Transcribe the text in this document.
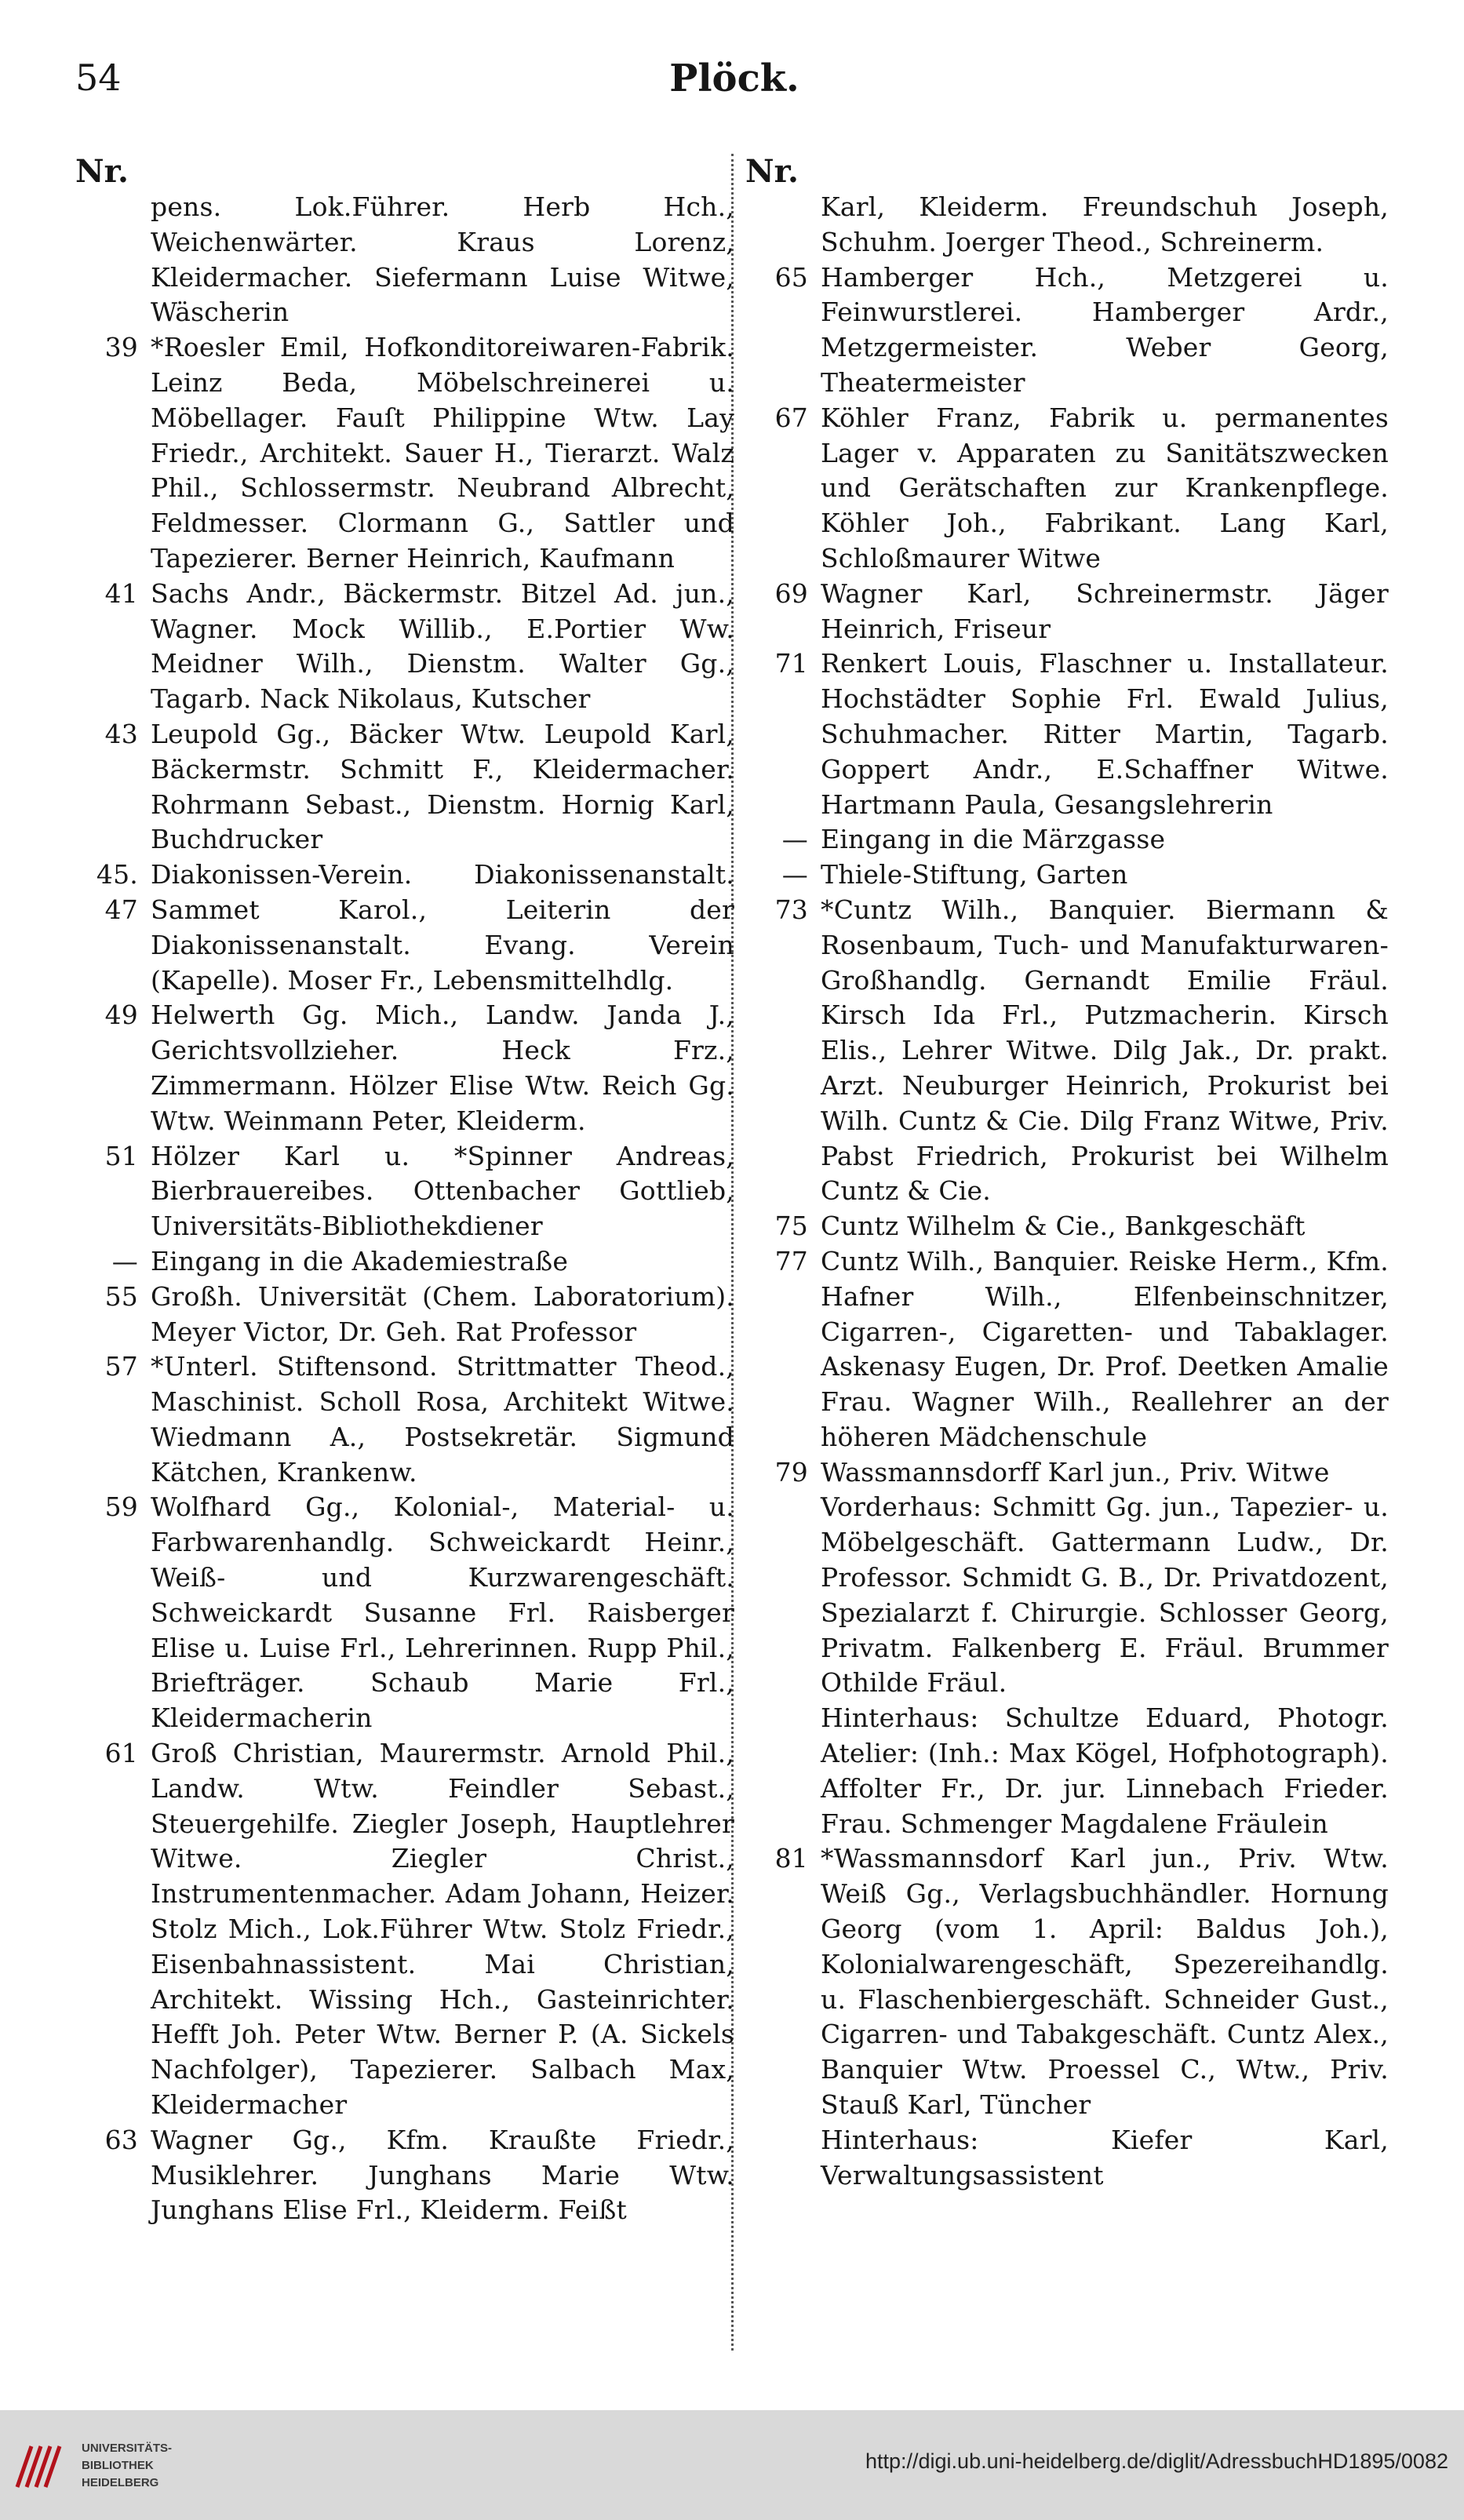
54	Plöck.
Nr.
pens. Lok.Führer. Herb Hch., Weichenwärter. Kraus Lorenz, Kleidermacher. Siefermann Luise Witwe, Wäscherin
39 *Roesler Emil, Hofkonditoreiwaren-Fabrik. Leinz Beda, Möbelschreinerei u. Möbellager. Fauſt Philippine Wtw. Lay Friedr., Architekt. Sauer H., Tierarzt. Walz Phil., Schlossermstr. Neubrand Albrecht, Feldmesser. Clormann G., Sattler und Tapezierer. Berner Heinrich, Kaufmann
41 Sachs Andr., Bäckermstr. Bitzel Ad. jun., Wagner. Mock Willib., E.Portier Ww. Meidner Wilh., Dienstm. Walter Gg., Tagarb. Nack Nikolaus, Kutscher
43 Leupold Gg., Bäcker Wtw. Leupold Karl, Bäckermstr. Schmitt F., Kleidermacher. Rohrmann Sebast., Dienstm. Hornig Karl, Buchdrucker
45. 47
Diakonissen-Verein. Diakonissenanstalt. Sammet Karol., Leiterin der Diakonissenanstalt. Evang. Verein (Kapelle). Moser Fr., Lebensmittelhdlg.
49 Helwerth Gg. Mich., Landw. Janda J., Gerichtsvollzieher. Heck Frz., Zimmermann. Hölzer Elise Wtw. Reich Gg. Wtw. Weinmann Peter, Kleiderm.
51 Hölzer Karl u. *Spinner Andreas, Bierbrauereibes. Ottenbacher Gottlieb, Universitäts-Bibliothekdiener
— Eingang in die Akademiestraße
55 Großh. Universität (Chem. Laboratorium). Meyer Victor, Dr. Geh. Rat Professor
57 *Unterl. Stiftensond. Strittmatter Theod., Maschinist. Scholl Rosa, Architekt Witwe. Wiedmann A., Postsekretär. Sigmund Kätchen, Krankenw.
59 Wolfhard Gg., Kolonial-, Material- u. Farbwarenhandlg. Schweickardt Heinr., Weiß- und Kurzwarengeschäft. Schweickardt Susanne Frl. Raisberger Elise u. Luise Frl., Lehrerinnen. Rupp Phil., Briefträger. Schaub Marie Frl., Kleidermacherin
61 Groß Christian, Maurermstr. Arnold Phil., Landw. Wtw. Feindler Sebast., Steuergehilfe. Ziegler Joseph, Hauptlehrer Witwe. Ziegler Christ., Instrumentenmacher. Adam Johann, Heizer. Stolz Mich., Lok.Führer Wtw. Stolz Friedr., Eisenbahnassistent. Mai Christian, Architekt. Wissing Hch., Gasteinrichter. Hefft Joh. Peter Wtw. Berner P. (A. Sickels Nachfolger), Tapezierer. Salbach Max, Kleidermacher
63 Wagner Gg., Kfm. Kraußte Friedr., Musiklehrer. Junghans Marie Wtw. Junghans Elise Frl., Kleiderm. Feißt
Nr.
Karl, Kleiderm. Freundschuh Joseph, Schuhm. Joerger Theod., Schreinerm.
65 Hamberger Hch., Metzgerei u. Feinwurstlerei. Hamberger Ardr., Metzgermeister. Weber Georg, Theatermeister
67 Köhler Franz, Fabrik u. permanentes Lager v. Apparaten zu Sanitätszwecken und Gerätschaften zur Krankenpflege. Köhler Joh., Fabrikant. Lang Karl, Schloßmaurer Witwe
69 Wagner Karl, Schreinermstr. Jäger Heinrich, Friseur
71 Renkert Louis, Flaschner u. Installateur. Hochstädter Sophie Frl. Ewald Julius, Schuhmacher. Ritter Martin, Tagarb. Goppert Andr., E.Schaffner Witwe. Hartmann Paula, Gesangslehrerin
— Eingang in die Märzgasse
— Thiele-Stiftung, Garten
73 *Cuntz Wilh., Banquier. Biermann & Rosenbaum, Tuch- und Manufakturwaren-Großhandlg. Gernandt Emilie Fräul. Kirsch Ida Frl., Putzmacherin. Kirsch Elis., Lehrer Witwe. Dilg Jak., Dr. prakt. Arzt. Neuburger Heinrich, Prokurist bei Wilh. Cuntz & Cie. Dilg Franz Witwe, Priv. Pabst Friedrich, Prokurist bei Wilhelm Cuntz & Cie.
75 Cuntz Wilhelm & Cie., Bankgeschäft
77 Cuntz Wilh., Banquier. Reiske Herm., Kfm. Hafner Wilh., Elfenbeinschnitzer, Cigarren-, Cigaretten- und Tabaklager. Askenasy Eugen, Dr. Prof. Deetken Amalie Frau. Wagner Wilh., Reallehrer an der höheren Mädchenschule
79 Wassmannsdorff Karl jun., Priv. Witwe
Vorderhaus: Schmitt Gg. jun., Tapezier- u. Möbelgeschäft. Gattermann Ludw., Dr. Professor. Schmidt G. B., Dr. Privatdozent, Spezialarzt f. Chirurgie. Schlosser Georg, Privatm. Falkenberg E. Fräul. Brummer Othilde Fräul.
Hinterhaus: Schultze Eduard, Photogr. Atelier: (Inh.: Max Kögel, Hofphotograph). Affolter Fr., Dr. jur. Linnebach Frieder. Frau. Schmenger Magdalene Fräulein
81 *Wassmannsdorf Karl jun., Priv. Wtw. Weiß Gg., Verlagsbuchhändler. Hornung Georg (vom 1. April: Baldus Joh.), Kolonialwarengeschäft, Spezereihandlg. u. Flaschenbiergeschäft. Schneider Gust., Cigarren- und Tabakgeschäft. Cuntz Alex., Banquier Wtw. Proessel C., Wtw., Priv. Stauß Karl, Tüncher
Hinterhaus: Kiefer Karl, Verwaltungsassistent
UNIVERSITÄTS-
BIBLIOTHEK
HEIDELBERG
http://digi.ub.uni-heidelberg.de/diglit/AdressbuchHD1895/0082
